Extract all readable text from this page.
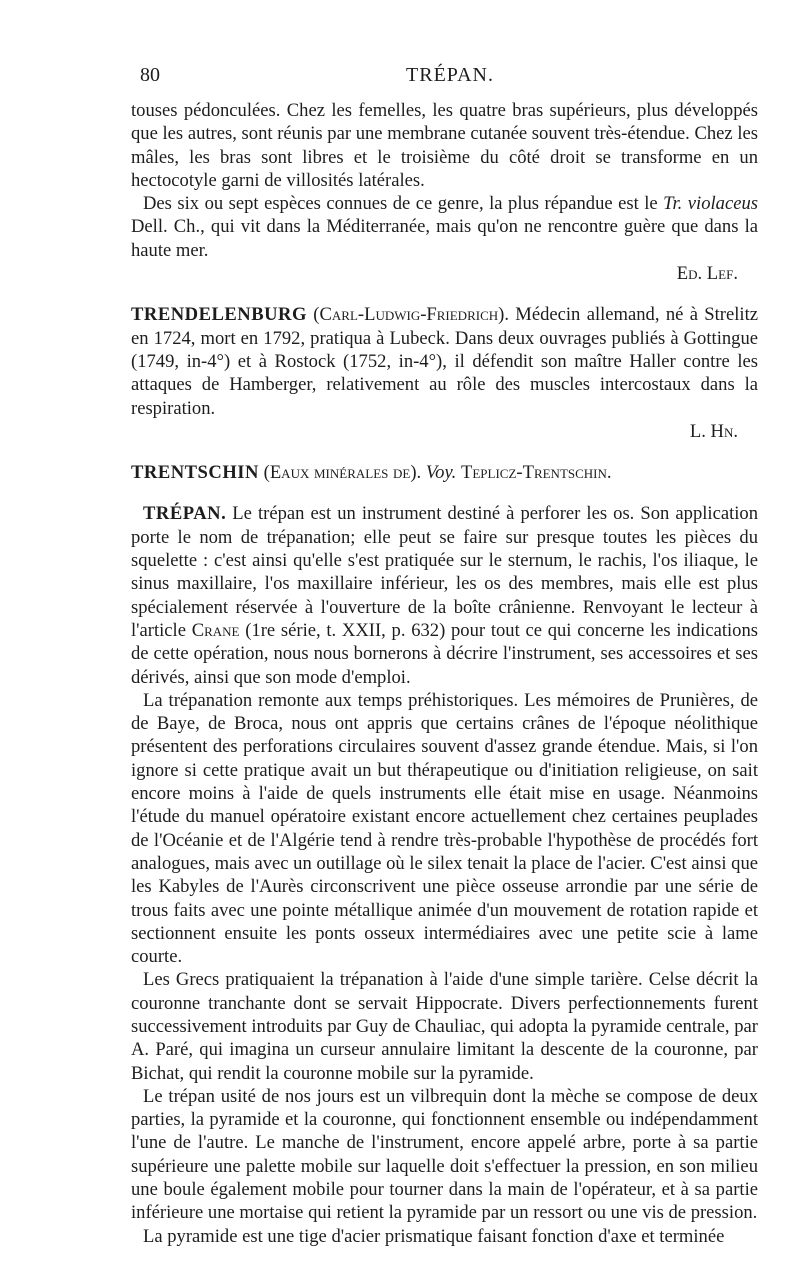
80	TRÉPAN.

touses pédonculées. Chez les femelles, les quatre bras supérieurs, plus développés que les autres, sont réunis par une membrane cutanée souvent très-étendue. Chez les mâles, les bras sont libres et le troisième du côté droit se transforme en un hectocotyle garni de villosités latérales.

Des six ou sept espèces connues de ce genre, la plus répandue est le Tr. violaceus Dell. Ch., qui vit dans la Méditerranée, mais qu'on ne rencontre guère que dans la haute mer.
Ed. Lef.

TRENDELENBURG (Carl-Ludwig-Friedrich). Médecin allemand, né à Strelitz en 1724, mort en 1792, pratiqua à Lubeck. Dans deux ouvrages publiés à Gottingue (1749, in-4°) et à Rostock (1752, in-4°), il défendit son maître Haller contre les attaques de Hamberger, relativement au rôle des muscles intercostaux dans la respiration.
L. Hn.

TRENTSCHIN (Eaux minérales de). Voy. Teplicz-Trentschin.

TRÉPAN. Le trépan est un instrument destiné à perforer les os. Son application porte le nom de trépanation; elle peut se faire sur presque toutes les pièces du squelette : c'est ainsi qu'elle s'est pratiquée sur le sternum, le rachis, l'os iliaque, le sinus maxillaire, l'os maxillaire inférieur, les os des membres, mais elle est plus spécialement réservée à l'ouverture de la boîte crânienne. Renvoyant le lecteur à l'article Crane (1re série, t. XXII, p. 632) pour tout ce qui concerne les indications de cette opération, nous nous bornerons à décrire l'instrument, ses accessoires et ses dérivés, ainsi que son mode d'emploi.

La trépanation remonte aux temps préhistoriques. Les mémoires de Prunières, de de Baye, de Broca, nous ont appris que certains crânes de l'époque néolithique présentent des perforations circulaires souvent d'assez grande étendue. Mais, si l'on ignore si cette pratique avait un but thérapeutique ou d'initiation religieuse, on sait encore moins à l'aide de quels instruments elle était mise en usage. Néanmoins l'étude du manuel opératoire existant encore actuellement chez certaines peuplades de l'Océanie et de l'Algérie tend à rendre très-probable l'hypothèse de procédés fort analogues, mais avec un outillage où le silex tenait la place de l'acier. C'est ainsi que les Kabyles de l'Aurès circonscrivent une pièce osseuse arrondie par une série de trous faits avec une pointe métallique animée d'un mouvement de rotation rapide et sectionnent ensuite les ponts osseux intermédiaires avec une petite scie à lame courte.

Les Grecs pratiquaient la trépanation à l'aide d'une simple tarière. Celse décrit la couronne tranchante dont se servait Hippocrate. Divers perfectionnements furent successivement introduits par Guy de Chauliac, qui adopta la pyramide centrale, par A. Paré, qui imagina un curseur annulaire limitant la descente de la couronne, par Bichat, qui rendit la couronne mobile sur la pyramide.

Le trépan usité de nos jours est un vilbrequin dont la mèche se compose de deux parties, la pyramide et la couronne, qui fonctionnent ensemble ou indépendamment l'une de l'autre. Le manche de l'instrument, encore appelé arbre, porte à sa partie supérieure une palette mobile sur laquelle doit s'effectuer la pression, en son milieu une boule également mobile pour tourner dans la main de l'opérateur, et à sa partie inférieure une mortaise qui retient la pyramide par un ressort ou une vis de pression.

La pyramide est une tige d'acier prismatique faisant fonction d'axe et terminée
